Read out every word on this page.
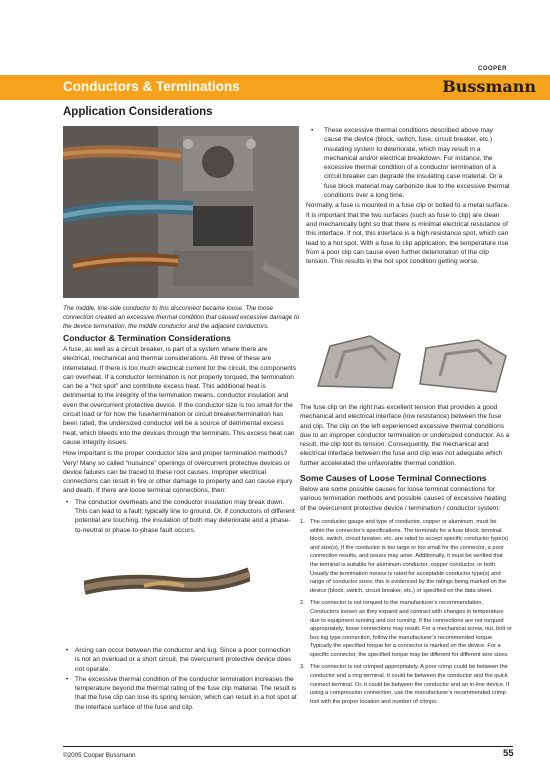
COOPER
Conductors & Terminations	Bussmann
Application Considerations
The middle, line-side conductor to this disconnect became loose. The loose connection created an excessive thermal condition that caused excessive damage to the device termination, the middle conductor and the adjacent conductors.
• These excessive thermal conditions described above may cause the device (block, switch, fuse, circuit breaker, etc.) insulating system to deteriorate, which may result in a mechanical and/or electrical breakdown. For instance, the excessive thermal condition of a conductor termination of a circuit breaker can degrade the insulating case material. Or a fuse block material may carbonize due to the excessive thermal conditions over a long time.
Normally, a fuse is mounted in a fuse clip or bolted to a metal surface. It is important that the two surfaces (such as fuse to clip) are clean and mechanically tight so that there is minimal electrical resistance of this interface. If not, this interface is a high resistance spot, which can lead to a hot spot. With a fuse to clip application, the temperature rise from a poor clip can cause even further deterioration of the clip tension. This results in the hot spot condition getting worse.
Conductor & Termination Considerations
A fuse, as well as a circuit breaker, is part of a system where there are electrical, mechanical and thermal considerations. All three of these are interrelated. If there is too much electrical current for the circuit, the components can overheat. If a conductor termination is not properly torqued, the termination can be a “hot spot” and contribute excess heat. This additional heat is detrimental to the integrity of the termination means, conductor insulation and even the overcurrent protective device. If the conductor size is too small for the circuit load or for how the fuse/termination or circuit breaker/termination has been rated, the undersized conductor will be a source of detrimental excess heat, which bleeds into the devices through the terminals. This excess heat can cause integrity issues.
How important is the proper conductor size and proper termination methods? Very! Many so called “nuisance” openings of overcurrent protective devices or device failures can be traced to these root causes. Improper electrical connections can result in fire or other damage to property and can cause injury and death. If there are loose terminal connections, then:
• The conductor overheats and the conductor insulation may break down. This can lead to a fault; typically line to ground. Or, if conductors of different potential are touching, the insulation of both may deteriorate and a phase-to-neutral or phase-to-phase fault occurs.
• Arcing can occur between the conductor and lug. Since a poor connection is not an overload or a short circuit, the overcurrent protective device does not operate.
• The excessive thermal condition of the conductor termination increases the temperature beyond the thermal rating of the fuse clip material. The result is that the fuse clip can lose its spring tension, which can result in a hot spot at the interface surface of the fuse and clip.
The fuse clip on the right has excellent tension that provides a good mechanical and electrical interface (low resistance) between the fuse and clip. The clip on the left experienced excessive thermal conditions due to an improper conductor termination or undersized conductor. As a result, the clip lost its tension. Consequently, the mechanical and electrical interface between the fuse and clip was not adequate which further accelerated the unfavorable thermal condition.
Some Causes of Loose Terminal Connections
Below are some possible causes for loose terminal connections for various termination methods and possible causes of excessive heating of the overcurrent protective device / termination / conductor system:
1. The conductor gauge and type of conductor, copper or aluminum, must be within the connector’s specifications. The terminals for a fuse block, terminal block, switch, circuit breaker, etc. are rated to accept specific conductor type(s) and size(s). If the conductor is too large or too small for the connector, a poor connection results, and issues may arise. Additionally, it must be verified that the terminal is suitable for aluminum conductor, copper conductor, or both. Usually the termination means is rated for acceptable conductor type(s) and range of conductor sizes; this is evidenced by the ratings being marked on the device (block, switch, circuit breaker, etc.) or specified on the data sheet.
2. The connector is not torqued to the manufacturer’s recommendation. Conductors loosen as they expand and contract with changes in temperature due to equipment running and not running. If the connections are not torqued appropriately, loose connections may result. For a mechanical screw, nut, bolt or box lug type connection, follow the manufacturer’s recommended torque. Typically the specified torque for a connector is marked on the device. For a specific connector, the specified torque may be different for different wire sizes.
3. The connector is not crimped appropriately. A poor crimp could be between the conductor and a ring terminal. It could be between the conductor and the quick connect terminal. Or, it could be between the conductor and an in-line device. If using a compression connection, use the manufacturer’s recommended crimp tool with the proper location and number of crimps.
©2005 Cooper Bussmann	55
